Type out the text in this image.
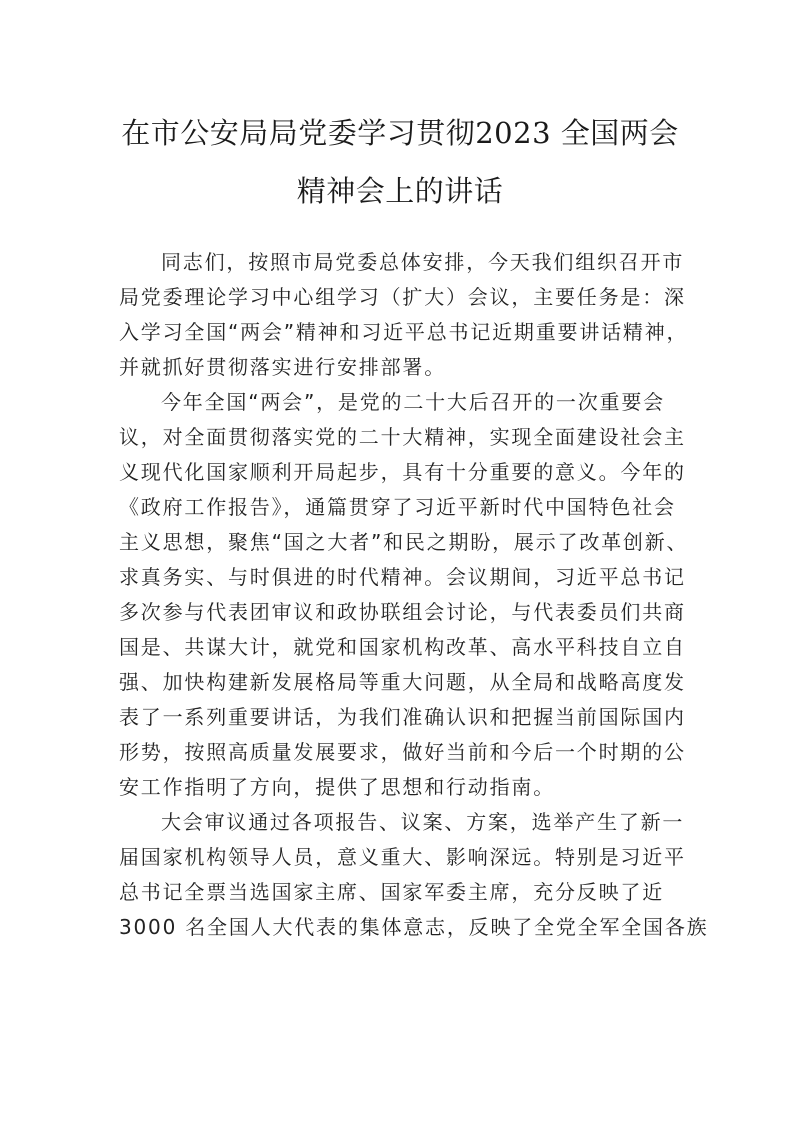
在市公安局局党委学习贯彻2023 全国两会
精神会上的讲话
同志们，按照市局党委总体安排，今天我们组织召开市
局党委理论学习中心组学习（扩大）会议，主要任务是：深
入学习全国“两会”精神和习近平总书记近期重要讲话精神，
并就抓好贯彻落实进行安排部署。
今年全国“两会”，是党的二十大后召开的一次重要会
议，对全面贯彻落实党的二十大精神，实现全面建设社会主
义现代化国家顺利开局起步，具有十分重要的意义。今年的
《政府工作报告》，通篇贯穿了习近平新时代中国特色社会
主义思想，聚焦“国之大者”和民之期盼，展示了改革创新、
求真务实、与时俱进的时代精神。会议期间，习近平总书记
多次参与代表团审议和政协联组会讨论，与代表委员们共商
国是、共谋大计，就党和国家机构改革、高水平科技自立自
强、加快构建新发展格局等重大问题，从全局和战略高度发
表了一系列重要讲话，为我们准确认识和把握当前国际国内
形势，按照高质量发展要求，做好当前和今后一个时期的公
安工作指明了方向，提供了思想和行动指南。
大会审议通过各项报告、议案、方案，选举产生了新一
届国家机构领导人员，意义重大、影响深远。特别是习近平
总书记全票当选国家主席、国家军委主席，充分反映了近
3000 名全国人大代表的集体意志，反映了全党全军全国各族
